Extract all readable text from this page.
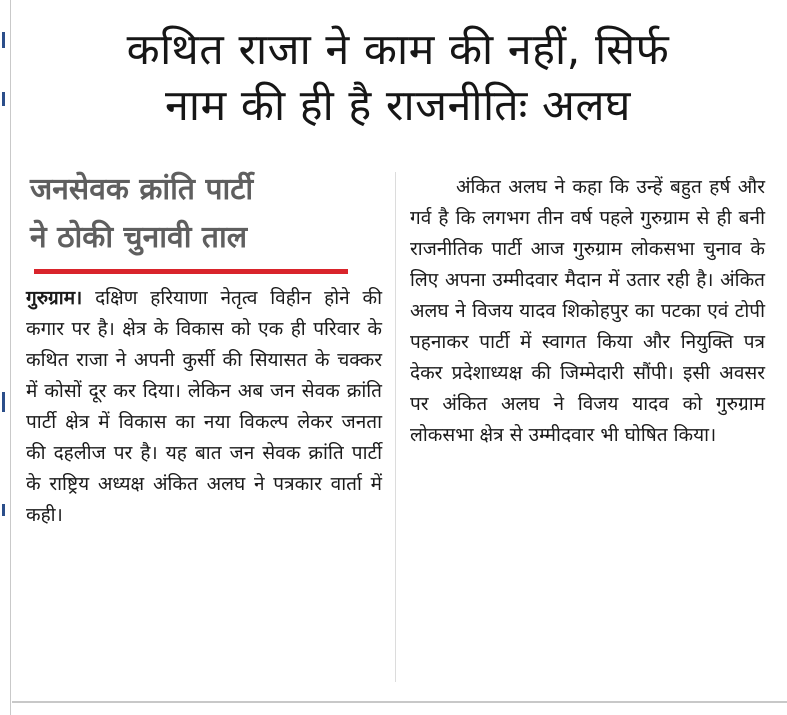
कथित राजा ने काम की नहीं, सिर्फ
नाम की ही है राजनीतिः अलघ
जनसेवक क्रांति पार्टी
ने ठोकी चुनावी ताल

गुरुग्राम। दक्षिण हरियाणा नेतृत्व विहीन होने की कगार पर है। क्षेत्र के विकास को एक ही परिवार के कथित राजा ने अपनी कुर्सी की सियासत के चक्कर में कोसों दूर कर दिया। लेकिन अब जन सेवक क्रांति पार्टी क्षेत्र में विकास का नया विकल्प लेकर जनता की दहलीज पर है। यह बात जन सेवक क्रांति पार्टी के राष्ट्रिय अध्यक्ष अंकित अलघ ने पत्रकार वार्ता में कही।

अंकित अलघ ने कहा कि उन्हें बहुत हर्ष और गर्व है कि लगभग तीन वर्ष पहले गुरुग्राम से ही बनी राजनीतिक पार्टी आज गुरुग्राम लोकसभा चुनाव के लिए अपना उम्मीदवार मैदान में उतार रही है। अंकित अलघ ने विजय यादव शिकोहपुर का पटका एवं टोपी पहनाकर पार्टी में स्वागत किया और नियुक्ति पत्र देकर प्रदेशाध्यक्ष की जिम्मेदारी सौंपी। इसी अवसर पर अंकित अलघ ने विजय यादव को गुरुग्राम लोकसभा क्षेत्र से उम्मीदवार भी घोषित किया।
